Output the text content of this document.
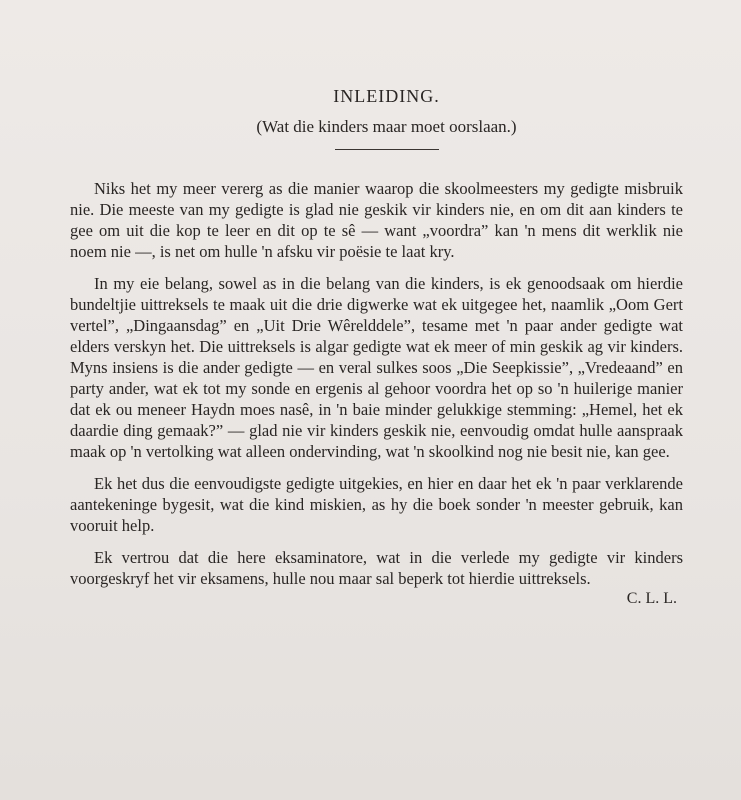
INLEIDING.
(Wat die kinders maar moet oorslaan.)

Niks het my meer vererg as die manier waarop die skoolmeesters my gedigte misbruik nie. Die meeste van my gedigte is glad nie geskik vir kinders nie, en om dit aan kinders te gee om uit die kop te leer en dit op te sê — want „voordra” kan 'n mens dit werklik nie noem nie —, is net om hulle 'n afsku vir poësie te laat kry.

In my eie belang, sowel as in die belang van die kinders, is ek genoodsaak om hierdie bundeltjie uittreksels te maak uit die drie digwerke wat ek uitgegee het, naamlik „Oom Gert vertel”, „Dingaansdag” en „Uit Drie Wêrelddele”, tesame met 'n paar ander gedigte wat elders verskyn het. Die uittreksels is algar gedigte wat ek meer of min geskik ag vir kinders. Myns insiens is die ander gedigte — en veral sulkes soos „Die Seepkissie”, „Vredeaand” en party ander, wat ek tot my sonde en ergenis al gehoor voordra het op so 'n huilerige manier dat ek ou meneer Haydn moes nasê, in 'n baie minder gelukkige stemming: „Hemel, het ek daardie ding gemaak?” — glad nie vir kinders geskik nie, eenvoudig omdat hulle aanspraak maak op 'n vertolking wat alleen ondervinding, wat 'n skoolkind nog nie besit nie, kan gee.

Ek het dus die eenvoudigste gedigte uitgekies, en hier en daar het ek 'n paar verklarende aantekeninge bygesit, wat die kind miskien, as hy die boek sonder 'n meester gebruik, kan vooruit help.

Ek vertrou dat die here eksaminatore, wat in die verlede my gedigte vir kinders voorgeskryf het vir eksamens, hulle nou maar sal beperk tot hierdie uittreksels.

C. L. L.
